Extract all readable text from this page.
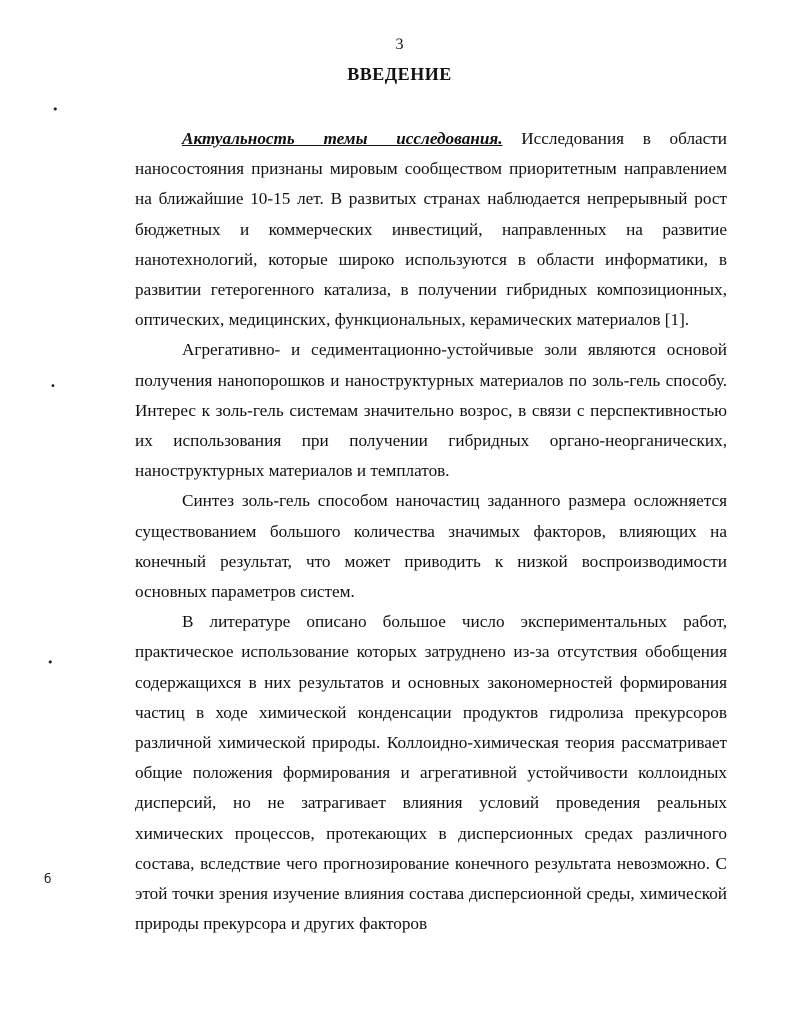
3
ВВЕДЕНИЕ

Актуальность темы исследования. Исследования в области наносостояния признаны мировым сообществом приоритетным направлением на ближайшие 10-15 лет. В развитых странах наблюдается непрерывный рост бюджетных и коммерческих инвестиций, направленных на развитие нанотехнологий, которые широко используются в области информатики, в развитии гетерогенного катализа, в получении гибридных композиционных, оптических, медицинских, функциональных, керамических материалов [1].

Агрегативно- и седиментационно-устойчивые золи являются основой получения нанопорошков и наноструктурных материалов по золь-гель способу. Интерес к золь-гель системам значительно возрос, в связи с перспективностью их использования при получении гибридных органо-неорганических, наноструктурных материалов и темплатов.

Синтез золь-гель способом наночастиц заданного размера осложняется существованием большого количества значимых факторов, влияющих на конечный результат, что может приводить к низкой воспроизводимости основных параметров систем.

В литературе описано большое число экспериментальных работ, практическое использование которых затруднено из-за отсутствия обобщения содержащихся в них результатов и основных закономерностей формирования частиц в ходе химической конденсации продуктов гидролиза прекурсоров различной химической природы. Коллоидно-химическая теория рассматривает общие положения формирования и агрегативной устойчивости коллоидных дисперсий, но не затрагивает влияния условий проведения реальных химических процессов, протекающих в дисперсионных средах различного состава, вследствие чего прогнозирование конечного результата невозможно. С этой точки зрения изучение влияния состава дисперсионной среды, химической природы прекурсора и других факторов

•
•
•
б
